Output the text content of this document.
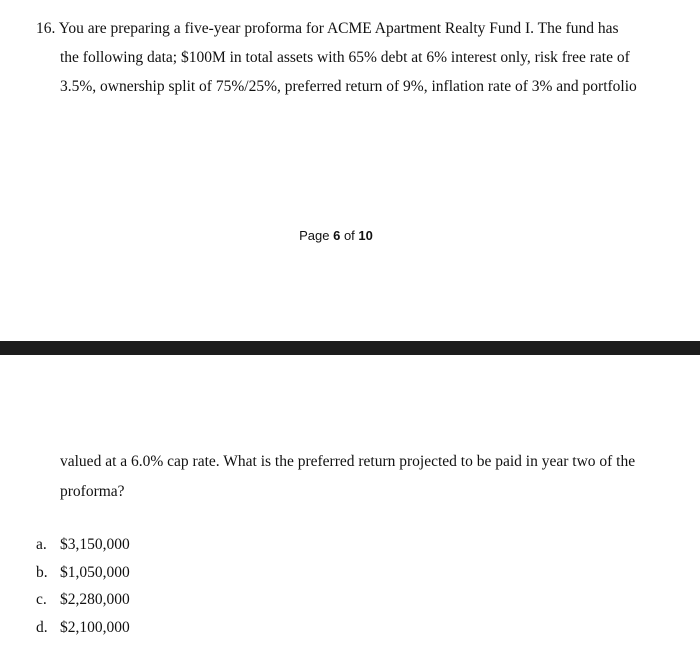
16. You are preparing a five-year proforma for ACME Apartment Realty Fund I. The fund has
the following data; $100M in total assets with 65% debt at 6% interest only, risk free rate of
3.5%, ownership split of 75%/25%, preferred return of 9%, inflation rate of 3% and portfolio
Page 6 of 10
valued at a 6.0% cap rate. What is the preferred return projected to be paid in year two of the
proforma?
a. $3,150,000
b. $1,050,000
c. $2,280,000
d. $2,100,000
